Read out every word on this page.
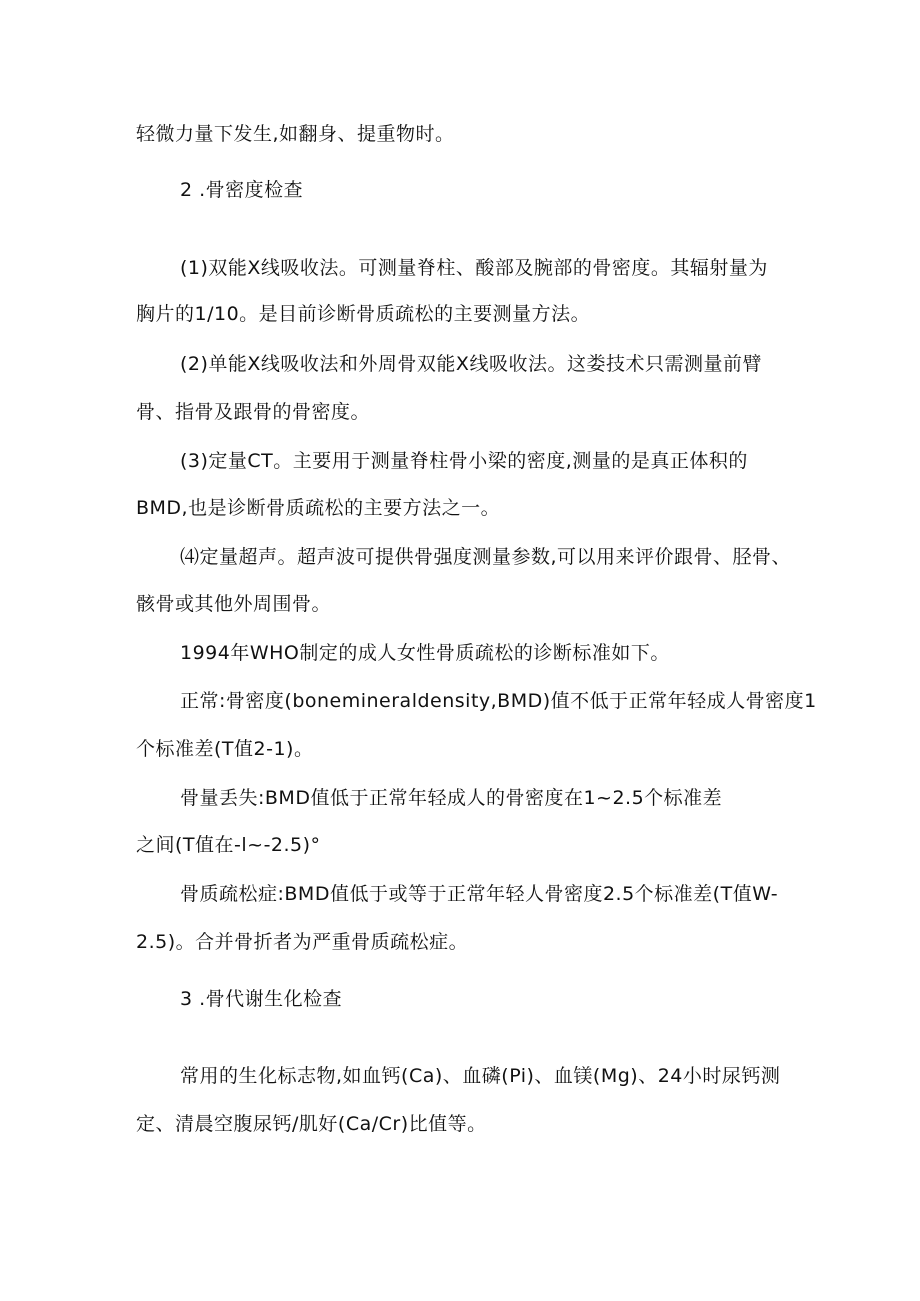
轻微力量下发生,如翻身、提重物时。
2 .骨密度检查
(1)双能X线吸收法。可测量脊柱、酸部及腕部的骨密度。其辐射量为
胸片的1/10。是目前诊断骨质疏松的主要测量方法。
(2)单能X线吸收法和外周骨双能X线吸收法。这娄技术只需测量前臂
骨、指骨及跟骨的骨密度。
(3)定量CT。主要用于测量脊柱骨小梁的密度,测量的是真正体积的
BMD,也是诊断骨质疏松的主要方法之一。
⑷定量超声。超声波可提供骨强度测量参数,可以用来评价跟骨、胫骨、
骸骨或其他外周围骨。
1994年WHO制定的成人女性骨质疏松的诊断标准如下。
正常:骨密度(bonemineraldensity,BMD)值不低于正常年轻成人骨密度1
个标准差(T值2-1)。
骨量丢失:BMD值低于正常年轻成人的骨密度在1~2.5个标准差
之间(T值在-l~-2.5)°
骨质疏松症:BMD值低于或等于正常年轻人骨密度2.5个标准差(T值W-
2.5)。合并骨折者为严重骨质疏松症。
3 .骨代谢生化检查
常用的生化标志物,如血钙(Ca)、血磷(Pi)、血镁(Mg)、24小时尿钙测
定、清晨空腹尿钙/肌好(Ca/Cr)比值等。
